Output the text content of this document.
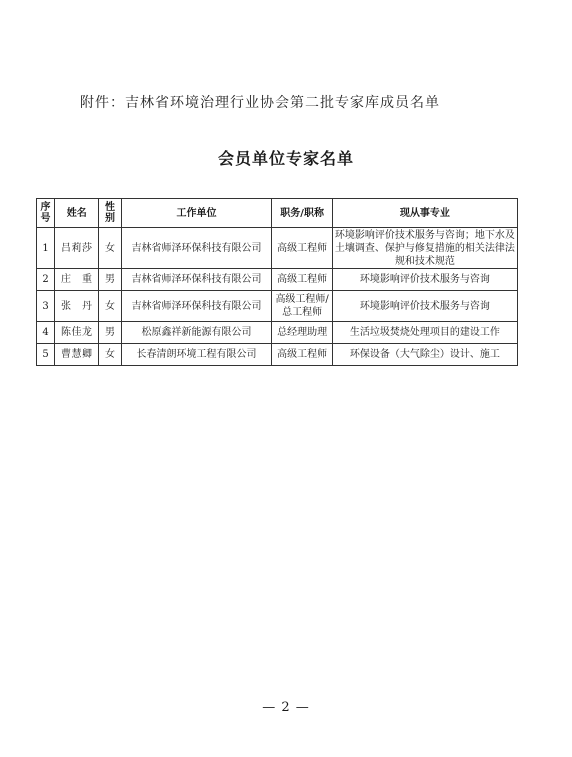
附件：吉林省环境治理行业协会第二批专家库成员名单
会员单位专家名单
序号	姓名	性别	工作单位	职务/职称	现从事专业
1	吕莉莎	女	吉林省师泽环保科技有限公司	高级工程师	环境影响评价技术服务与咨询；地下水及土壤调查、保护与修复措施的相关法律法规和技术规范
2	庄　重	男	吉林省师泽环保科技有限公司	高级工程师	环境影响评价技术服务与咨询
3	张　丹	女	吉林省师泽环保科技有限公司	高级工程师/总工程师	环境影响评价技术服务与咨询
4	陈佳龙	男	松原鑫祥新能源有限公司	总经理助理	生活垃圾焚烧处理项目的建设工作
5	曹慧卿	女	长春清朗环境工程有限公司	高级工程师	环保设备（大气除尘）设计、施工
— 2 —
